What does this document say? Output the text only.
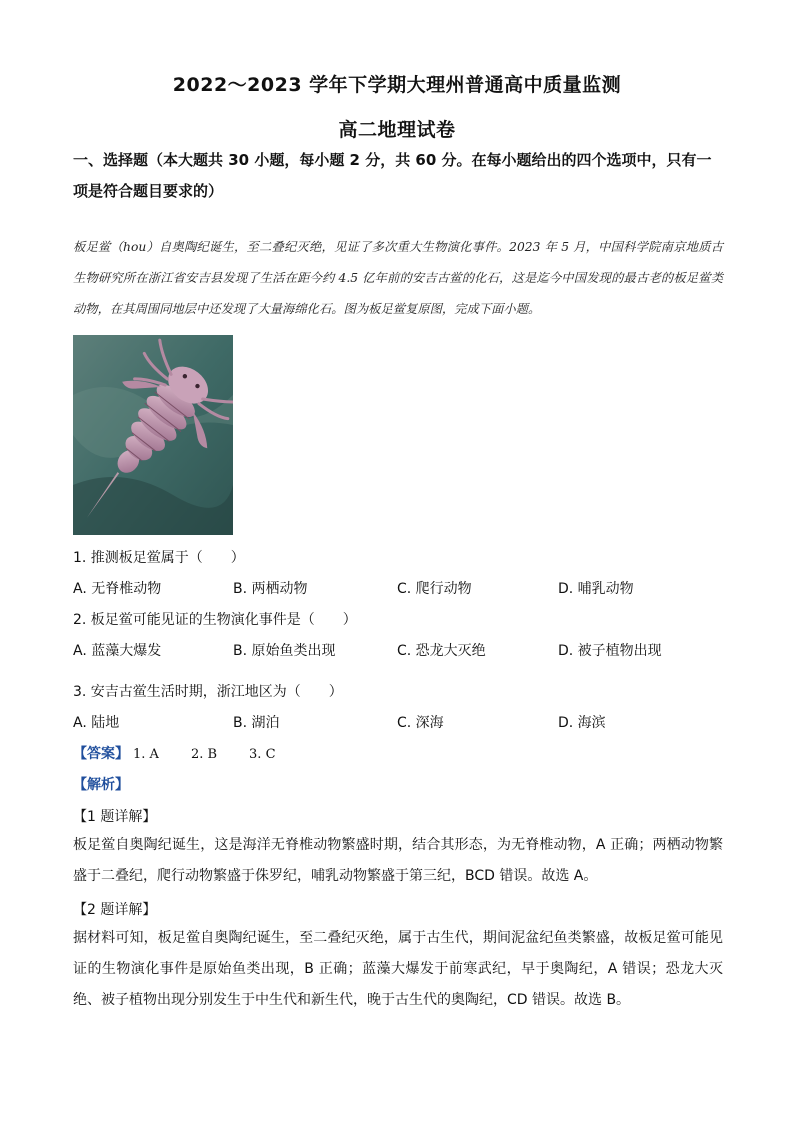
2022～2023 学年下学期大理州普通高中质量监测
高二地理试卷
一、选择题（本大题共 30 小题，每小题 2 分，共 60 分。在每小题给出的四个选项中，只有一项是符合题目要求的）
板足鲎（hou）自奥陶纪诞生，至二叠纪灭绝，见证了多次重大生物演化事件。2023 年 5 月，中国科学院南京地质古生物研究所在浙江省安吉县发现了生活在距今约 4.5 亿年前的安吉古鲎的化石，这是迄今中国发现的最古老的板足鲎类动物，在其周围同地层中还发现了大量海绵化石。图为板足鲎复原图，完成下面小题。
1. 推测板足鲎属于（　　）
A. 无脊椎动物	B. 两栖动物	C. 爬行动物	D. 哺乳动物
2. 板足鲎可能见证的生物演化事件是（　　）
A. 蓝藻大爆发	B. 原始鱼类出现	C. 恐龙大灭绝	D. 被子植物出现
3. 安吉古鲎生活时期，浙江地区为（　　）
A. 陆地	B. 湖泊	C. 深海	D. 海滨
【答案】 1. A 2. B 3. C
【解析】
【1 题详解】
板足鲎自奥陶纪诞生，这是海洋无脊椎动物繁盛时期，结合其形态，为无脊椎动物，A 正确；两栖动物繁盛于二叠纪，爬行动物繁盛于侏罗纪，哺乳动物繁盛于第三纪，BCD 错误。故选 A。
【2 题详解】
据材料可知，板足鲎自奥陶纪诞生，至二叠纪灭绝，属于古生代，期间泥盆纪鱼类繁盛，故板足鲎可能见证的生物演化事件是原始鱼类出现，B 正确；蓝藻大爆发于前寒武纪，早于奥陶纪，A 错误；恐龙大灭绝、被子植物出现分别发生于中生代和新生代，晚于古生代的奥陶纪，CD 错误。故选 B。
